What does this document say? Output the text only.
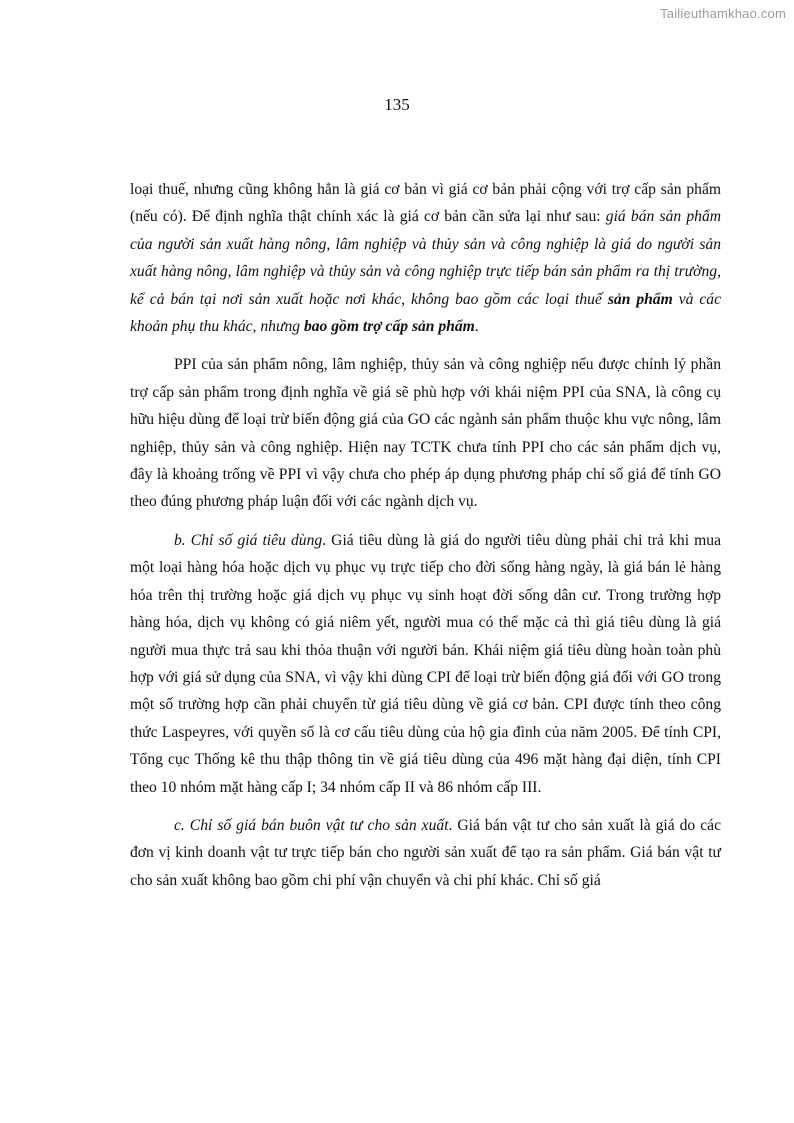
Tailieuthamkhao.com
135

loại thuế, nhưng cũng không hẳn là giá cơ bản vì giá cơ bản phải cộng với trợ cấp sản phẩm (nếu có). Để định nghĩa thật chính xác là giá cơ bản cần sửa lại như sau: giá bán sản phẩm của người sản xuất hàng nông, lâm nghiệp và thủy sản và công nghiệp là giá do người sản xuất hàng nông, lâm nghiệp và thủy sản và công nghiệp trực tiếp bán sản phẩm ra thị trường, kể cả bán tại nơi sản xuất hoặc nơi khác, không bao gồm các loại thuế sản phẩm và các khoản phụ thu khác, nhưng bao gồm trợ cấp sản phẩm.

PPI của sản phẩm nông, lâm nghiệp, thủy sản và công nghiệp nếu được chỉnh lý phần trợ cấp sản phẩm trong định nghĩa về giá sẽ phù hợp với khái niệm PPI của SNA, là công cụ hữu hiệu dùng để loại trừ biến động giá của GO các ngành sản phẩm thuộc khu vực nông, lâm nghiệp, thủy sản và công nghiệp. Hiện nay TCTK chưa tính PPI cho các sản phẩm dịch vụ, đây là khoảng trống về PPI vì vậy chưa cho phép áp dụng phương pháp chỉ số giá để tính GO theo đúng phương pháp luận đối với các ngành dịch vụ.

b. Chỉ số giá tiêu dùng. Giá tiêu dùng là giá do người tiêu dùng phải chi trả khi mua một loại hàng hóa hoặc dịch vụ phục vụ trực tiếp cho đời sống hàng ngày, là giá bán lẻ hàng hóa trên thị trường hoặc giá dịch vụ phục vụ sinh hoạt đời sống dân cư. Trong trường hợp hàng hóa, dịch vụ không có giá niêm yết, người mua có thể mặc cả thì giá tiêu dùng là giá người mua thực trả sau khi thỏa thuận với người bán. Khái niệm giá tiêu dùng hoàn toàn phù hợp với giá sử dụng của SNA, vì vậy khi dùng CPI để loại trừ biến động giá đối với GO trong một số trường hợp cần phải chuyển từ giá tiêu dùng về giá cơ bản. CPI được tính theo công thức Laspeyres, với quyền số là cơ cấu tiêu dùng của hộ gia đình của năm 2005. Để tính CPI, Tổng cục Thống kê thu thập thông tin về giá tiêu dùng của 496 mặt hàng đại diện, tính CPI theo 10 nhóm mặt hàng cấp I; 34 nhóm cấp II và 86 nhóm cấp III.

c. Chỉ số giá bán buôn vật tư cho sản xuất. Giá bán vật tư cho sản xuất là giá do các đơn vị kinh doanh vật tư trực tiếp bán cho người sản xuất để tạo ra sản phẩm. Giá bán vật tư cho sản xuất không bao gồm chi phí vận chuyển và chi phí khác. Chỉ số giá
